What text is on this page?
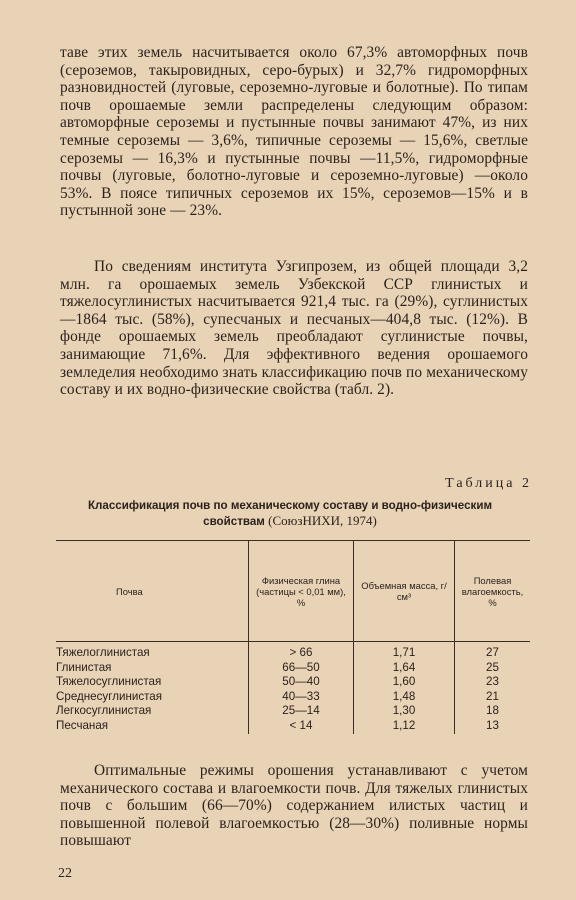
таве этих земель насчитывается около 67,3% автоморфных почв (сероземов, такыровидных, серо-бурых) и 32,7% гидроморфных разновидностей (луговые, сероземно-луговые и болотные). По типам почв орошаемые земли распределены следующим образом: автоморфные сероземы и пустынные почвы занимают 47%, из них темные сероземы — 3,6%, типичные сероземы — 15,6%, светлые сероземы — 16,3% и пустынные почвы —11,5%, гидроморфные почвы (луговые, болотно-луговые и сероземно-луговые) —около 53%. В поясе типичных сероземов их 15%, сероземов—15% и в пустынной зоне — 23%.

По сведениям института Узгипрозем, из общей площади 3,2 млн. га орошаемых земель Узбекской ССР глинистых и тяжелосуглинистых насчитывается 921,4 тыс. га (29%), суглинистых —1864 тыс. (58%), супесчаных и песчаных—404,8 тыс. (12%). В фонде орошаемых земель преобладают суглинистые почвы, занимающие 71,6%. Для эффективного ведения орошаемого земледелия необходимо знать классификацию почв по механическому составу и их водно-физические свойства (табл. 2).

Таблица 2
Классификация почв по механическому составу и водно-физическим свойствам (СоюзНИХИ, 1974)
Почва	Физическая глина (частицы < 0,01 мм), %	Объемная масса, г/см³	Полевая влагоемкость, %
Тяжелоглинистая	> 66	1,71	27
Глинистая	66—50	1,64	25
Тяжелосуглинистая	50—40	1,60	23
Среднесуглинистая	40—33	1,48	21
Легкосуглинистая	25—14	1,30	18
Песчаная	< 14	1,12	13

Оптимальные режимы орошения устанавливают с учетом механического состава и влагоемкости почв. Для тяжелых глинистых почв с большим (66—70%) содержанием илистых частиц и повышенной полевой влагоемкостью (28—30%) поливные нормы повышают

22
